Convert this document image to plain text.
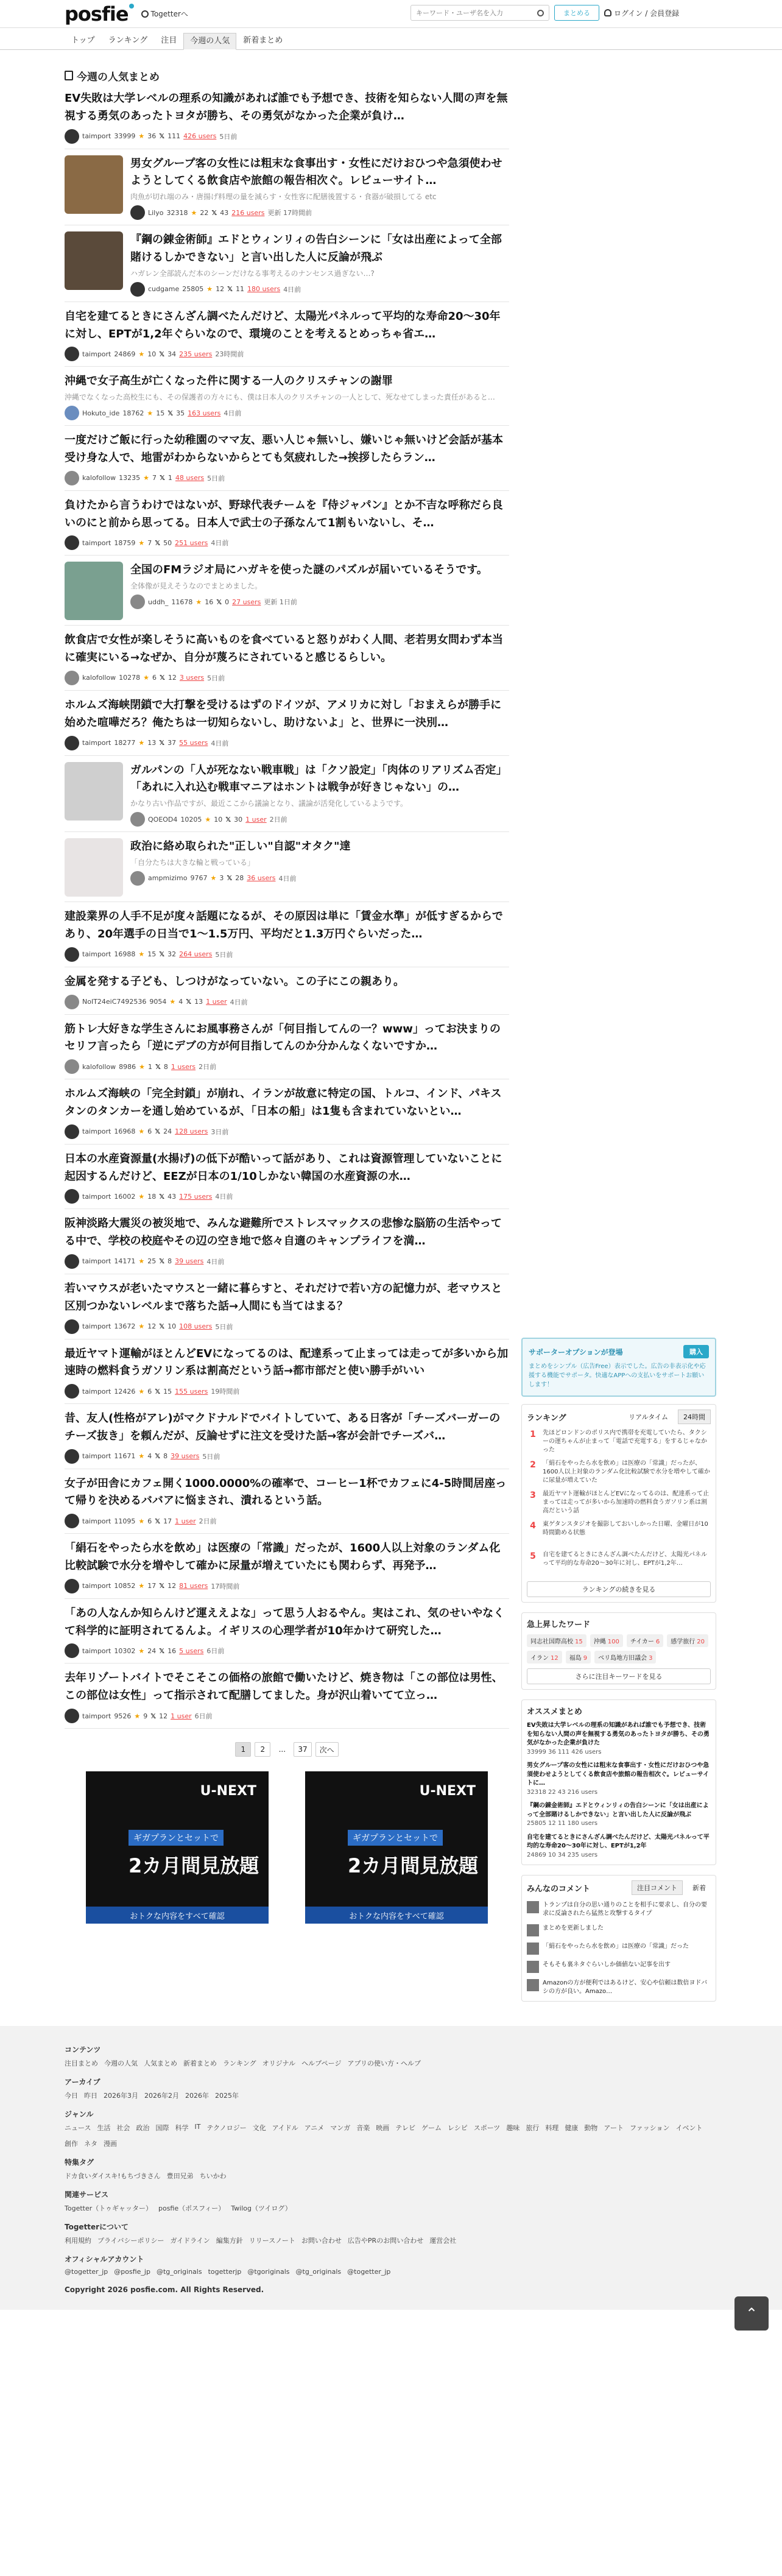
posfie	Togetterへ
キーワード・ユーザ名を入力	まとめる	ログイン / 会員登録
トップ	ランキング	注目	今週の人気	新着まとめ
今週の人気まとめ
EV失敗は大学レベルの理系の知識があれば誰でも予想でき、技術を知らない人間の声を無視する勇気のあったトヨタが勝ち、その勇気がなかった企業が負け…
taimport 33999 ★ 36 𝕏 111 426 users 5日前
男女グループ客の女性には粗末な食事出す・女性にだけおひつや急須使わせようとしてくる飲食店や旅館の報告相次ぐ。レビューサイト…
肉魚が切れ端のみ・唐揚げ料理の量を減らす・女性客に配膳後置する・食器が破損してる etc
Lilyo 32318 ★ 22 𝕏 43 216 users 更新 17時間前
『鋼の錬金術師』エドとウィンリィの告白シーンに「女は出産によって全部賭けるしかできない」と言い出した人に反論が飛ぶ
ハガレン全部読んだ本のシーンだけなる事考えるのナンセンス過ぎない…?
cudgame 25805 ★ 12 𝕏 11 180 users 4日前
自宅を建てるときにさんざん調べたんだけど、太陽光パネルって平均的な寿命20〜30年に対し、EPTが1,2年ぐらいなので、環境のことを考えるとめっちゃ省エ…
taimport 24869 ★ 10 𝕏 34 235 users 23時間前
沖縄で女子高生が亡くなった件に関する一人のクリスチャンの謝罪
沖縄でなくなった高校生にも、その保護者の方々にも、僕は日本人のクリスチャンの一人として、死なせてしまった責任があると…
Hokuto_ide 18762 ★ 15 𝕏 35 163 users 4日前
一度だけご飯に行った幼稚園のママ友、悪い人じゃ無いし、嫌いじゃ無いけど会話が基本受け身な人で、地雷がわからないからとても気疲れした→挨拶したらラン…
kalofollow 13235 ★ 7 𝕏 1 48 users 5日前
負けたから言うわけではないが、野球代表チームを『侍ジャパン』とか不吉な呼称だら良いのにと前から思ってる。日本人で武士の子孫なんて1割もいないし、そ…
taimport 18759 ★ 7 𝕏 50 251 users 4日前
全国のFMラジオ局にハガキを使った謎のパズルが届いているそうです。
全体像が見えそうなのでまとめました。
uddh_ 11678 ★ 16 𝕏 0 27 users 更新 1日前
飲食店で女性が楽しそうに高いものを食べていると怒りがわく人間、老若男女問わず本当に確実にいる→なぜか、自分が蔑ろにされていると感じるらしい。
kalofollow 10278 ★ 6 𝕏 12 3 users 5日前
ホルムズ海峡閉鎖で大打撃を受けるはずのドイツが、アメリカに対し「おまえらが勝手に始めた喧嘩だろ？俺たちは一切知らないし、助けないよ」と、世界に一決別…
taimport 18277 ★ 13 𝕏 37 55 users 4日前
ガルパンの「人が死なない戦車戦」は「クソ設定」「肉体のリアリズム否定」「あれに入れ込む戦車マニアはホントは戦争が好きじゃない」の…
かなり古い作品ですが、最近ここから議論となり、議論が活発化しているようです。
QOEOD4 10205 ★ 10 𝕏 30 1 user 2日前
政治に絡め取られた"正しい"自認"オタク"達
「自分たちは大きな輪と戦っている」
ampmizimo 9767 ★ 3 𝕏 28 36 users 4日前
建設業界の人手不足が度々話題になるが、その原因は単に「賃金水準」が低すぎるからであり、20年選手の日当で1〜1.5万円、平均だと1.3万円ぐらいだった…
taimport 16988 ★ 15 𝕏 32 264 users 5日前
金属を発する子ども、しつけがなっていない。この子にこの親あり。
NoIT24eiC7492536 9054 ★ 4 𝕏 13 1 user 4日前
筋トレ大好きな学生さんにお風事務さんが「何目指してんの一？www」ってお決まりのセリフ言ったら「逆にデブの方が何目指してんのか分かんなくないですか…
kalofollow 8986 ★ 1 𝕏 8 1 users 2日前
ホルムズ海峡の「完全封鎖」が崩れ、イランが故意に特定の国、トルコ、インド、パキスタンのタンカーを通し始めているが、「日本の船」は1隻も含まれていないとい…
taimport 16968 ★ 6 𝕏 24 128 users 3日前
日本の水産資源量(水揚げ)の低下が酷いって話があり、これは資源管理していないことに起因するんだけど、EEZが日本の1/10しかない韓国の水産資源の水…
taimport 16002 ★ 18 𝕏 43 175 users 4日前
阪神淡路大震災の被災地で、みんな避難所でストレスマックスの悲惨な脳筋の生活やってる中で、学校の校庭やその辺の空き地で悠々自適のキャンプライフを満…
taimport 14171 ★ 25 𝕏 8 39 users 4日前
若いマウスが老いたマウスと一緒に暮らすと、それだけで若い方の記憶力が、老マウスと区別つかないレベルまで落ちた話→人間にも当てはまる？
taimport 13672 ★ 12 𝕏 10 108 users 5日前
最近ヤマト運輸がほとんどEVになってるのは、配達系って止まっては走ってが多いから加速時の燃料食うガソリン系は割高だという話→都市部だと使い勝手がいい
taimport 12426 ★ 6 𝕏 15 155 users 19時間前
昔、友人(性格がアレ)がマクドナルドでバイトしていて、ある日客が「チーズバーガーのチーズ抜き」を頼んだが、反論せずに注文を受けた話→客が会計でチーズバ…
taimport 11671 ★ 4 𝕏 8 39 users 5日前
女子が田舎にカフェ開く1000.0000%の確率で、コーヒー1杯でカフェに4-5時間居座って帰りを決めるババアに悩まされ、潰れるという話。
taimport 11095 ★ 6 𝕏 17 1 user 2日前
「絹石をやったら水を飲め」は医療の「常識」だったが、1600人以上対象のランダム化比較試験で水分を増やして確かに尿量が増えていたにも関わらず、再発予…
taimport 10852 ★ 17 𝕏 12 81 users 17時間前
「あの人なんか知らんけど運ええよな」って思う人おるやん。実はこれ、気のせいやなくて科学的に証明されてるんよ。イギリスの心理学者が10年かけて研究した…
taimport 10302 ★ 24 𝕏 16 5 users 6日前
去年リゾートバイトでそこそこの価格の旅館で働いたけど、焼き物は「この部位は男性、この部位は女性」って指示されて配膳してました。身が沢山着いてて立っ…
taimport 9526 ★ 9 𝕏 12 1 user 6日前
1	2	...	37	次へ
U-NEXT
ギガプランとセットで
2カ月間見放題
おトクな内容をすべて確認
U-NEXT
ギガプランとセットで
2カ月間見放題
おトクな内容をすべて確認
サポーターオプションが登場	購入
まとめをシンプル（広告Free）表示でした。広告の非表示化や応援する機能でサポータ。快適なAPPへの支払いをサポートお願いします！
ランキング	リアルタイム	24時間
1	先ほどロンドンのポリス内で携帯を充電していたら、タクシーの運ちゃんが止まって「電話で充電する」をするじゃなかった
2	「絹石をやったら水を飲め」は医療の「常識」だったが、1600人以上対象のランダム化比較試験で水分を増やして確かに尿量が増えていた
3	最近ヤマト運輸がほとんどEVになってるのは、配達系って止まっては走ってが多いから加速時の燃料食うガソリン系は割高だという話
4	東ゲタンスタジオを撮影しておいしかった日曜、金曜日が10時間勤める状態
5	自宅を建てるときにさんざん調べたんだけど、太陽光パネルって平均的な寿命20〜30年に対し、EPTが1,2年…
ランキングの続きを見る
急上昇したワード
同志社国際高校 15	沖縄 100	チイカー 6	感学旅行 20
イラン 12	福島 9	ベリ島地方旧議会 3
さらに注目キーワードを見る
オススメまとめ
EV失敗は大学レベルの理系の知識があれば誰でも予想でき、技術を知らない人間の声を無視する勇気のあったトヨタが勝ち、その勇気がなかった企業が負けた
33999 36 111 426 users
男女グループ客の女性には粗末な食事出す・女性にだけおひつや急須使わせようとしてくる飲食店や旅館の報告相次ぐ。レビューサイトに…
32318 22 43 216 users
『鋼の錬金術師』エドとウィンリィの告白シーンに「女は出産によって全部賭けるしかできない」と言い出した人に反論が飛ぶ
25805 12 11 180 users
自宅を建てるときにさんざん調べたんだけど、太陽光パネルって平均的な寿命20〜30年に対し、EPTが1,2年
24869 10 34 235 users
みんなのコメント	注目コメント	新着
トランプは自分の思い通りのことを相手に要求し、自分の要求に反論されたら猛然と攻撃するタイプ
まとめを更新しました
「絹石をやったら水を飲め」は医療の「常識」だった
そもそも裏ネタぐらいしか価値ない記事を出す
Amazonの方が便利ではあるけど、安心や信頼は数倍ヨドバシの方が良い。Amazo…
コンテンツ
注目まとめ 今週の人気 人気まとめ 新着まとめ ランキング オリジナル ヘルプページ アプリの使い方・ヘルプ
アーカイブ
今日 昨日 2026年3月 2026年2月 2026年 2025年
ジャンル
ニュース 生活 社会 政治 国際 科学 IT テクノロジー 文化 アイドル アニメ マンガ 音楽 映画 テレビ ゲーム レシピ スポーツ 趣味 旅行 料理 健康 動物 アート ファッション イベント
創作 ネタ 漫画
特集タグ
ドカ食いダイスキ!もちづきさん 豊田兄弟 ちいかわ
関連サービス
Togetter（トゥギャッター） posfie（ポスフィー） Twilog（ツイログ）
Togetterについて
利用規約 プライバシーポリシー ガイドライン 編集方針 リリースノート お問い合わせ 広告やPRのお問い合わせ 運営会社
オフィシャルアカウント
@togetter_jp @posfie_jp @tg_originals togetterjp @tgoriginals @tg_originals @togetter_jp
Copyright 2026 posfie.com. All Rights Reserved.
⌃
